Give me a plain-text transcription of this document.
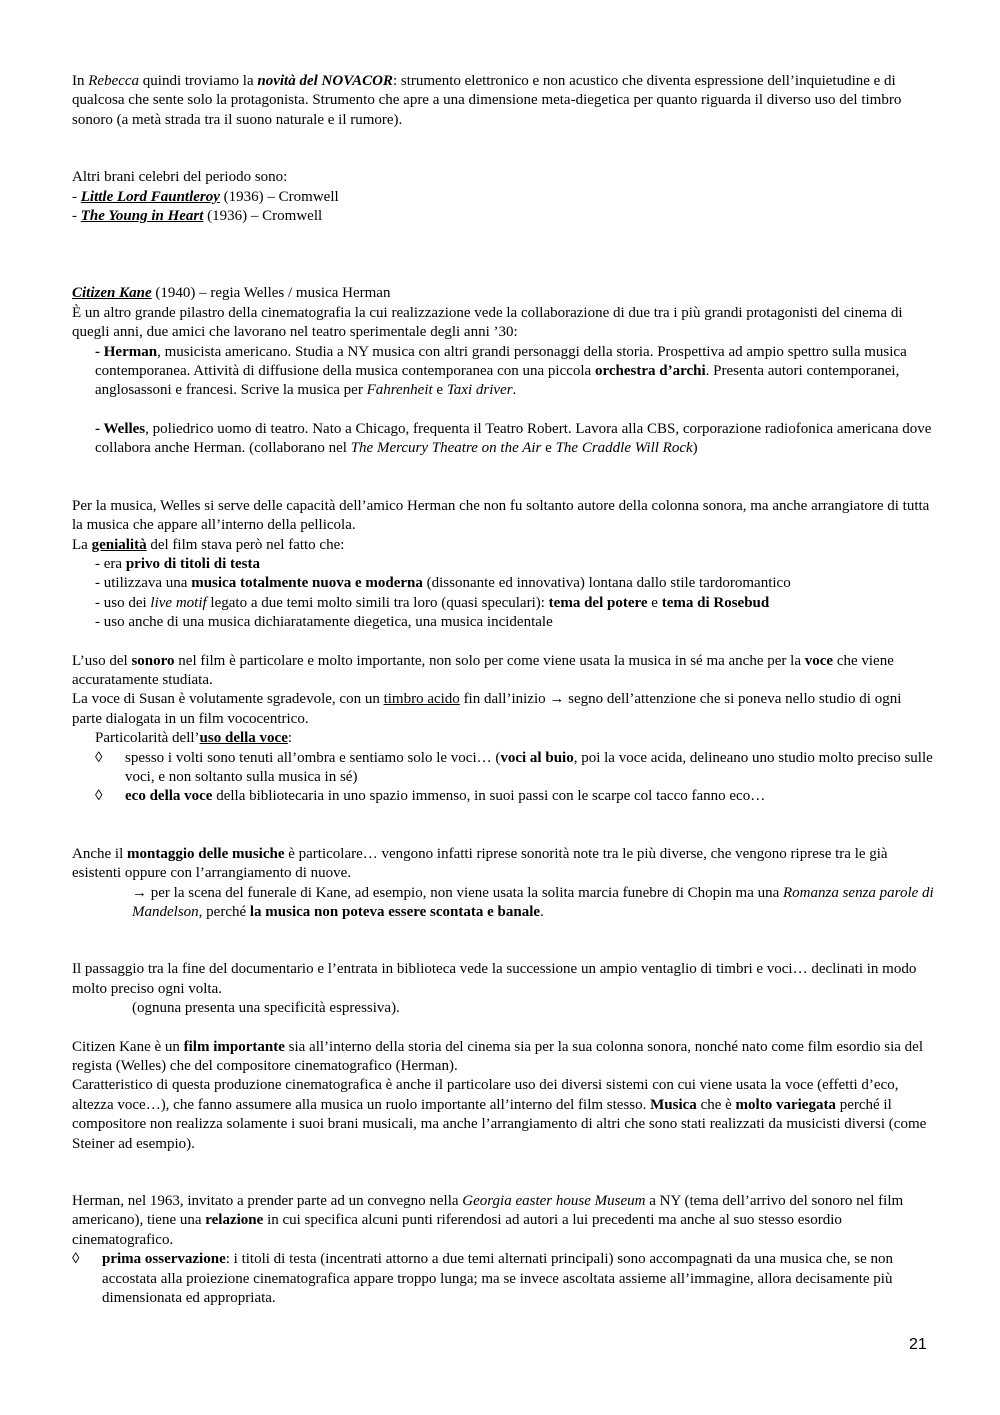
In Rebecca quindi troviamo la novità del NOVACOR: strumento elettronico e non acustico che diventa espressione dell’inquietudine e di qualcosa che sente solo la protagonista. Strumento che apre a una dimensione meta-diegetica per quanto riguarda il diverso uso del timbro sonoro (a metà strada tra il suono naturale e il rumore).

Altri brani celebri del periodo sono:

- Little Lord Fauntleroy (1936) – Cromwell

- The Young in Heart (1936) – Cromwell

Citizen Kane (1940) – regia Welles / musica Herman

È un altro grande pilastro della cinematografia la cui realizzazione vede la collaborazione di due tra i più grandi protagonisti del cinema di quegli anni, due amici che lavorano nel teatro sperimentale degli anni ’30:

- Herman, musicista americano. Studia a NY musica con altri grandi personaggi della storia. Prospettiva ad ampio spettro sulla musica contemporanea. Attività di diffusione della musica contemporanea con una piccola orchestra d’archi. Presenta autori contemporanei, anglosassoni e francesi. Scrive la musica per Fahrenheit e Taxi driver.

- Welles, poliedrico uomo di teatro. Nato a Chicago, frequenta il Teatro Robert. Lavora alla CBS, corporazione radiofonica americana dove collabora anche Herman. (collaborano nel The Mercury Theatre on the Air e The Craddle Will Rock)

Per la musica, Welles si serve delle capacità dell’amico Herman che non fu soltanto autore della colonna sonora, ma anche arrangiatore di tutta la musica che appare all’interno della pellicola.

La genialità del film stava però nel fatto che:

- era privo di titoli di testa

- utilizzava una musica totalmente nuova e moderna (dissonante ed innovativa) lontana dallo stile tardoromantico

- uso dei live motif legato a due temi molto simili tra loro (quasi speculari): tema del potere e tema di Rosebud

- uso anche di una musica dichiaratamente diegetica, una musica incidentale

L’uso del sonoro nel film è particolare e molto importante, non solo per come viene usata la musica in sé ma anche per la voce che viene accuratamente studiata.

La voce di Susan è volutamente sgradevole, con un timbro acido fin dall’inizio → segno dell’attenzione che si poneva nello studio di ogni parte dialogata in un film vococentrico.

Particolarità dell’uso della voce:

◊	spesso i volti sono tenuti all’ombra e sentiamo solo le voci… (voci al buio, poi la voce acida, delineano uno studio molto preciso sulle voci, e non soltanto sulla musica in sé)
◊	eco della voce della bibliotecaria in uno spazio immenso, in suoi passi con le scarpe col tacco fanno eco…

Anche il montaggio delle musiche è particolare… vengono infatti riprese sonorità note tra le più diverse, che vengono riprese tra le già esistenti oppure con l’arrangiamento di nuove.

→ per la scena del funerale di Kane, ad esempio, non viene usata la solita marcia funebre di Chopin ma una Romanza senza parole di Mandelson, perché la musica non poteva essere scontata e banale.

Il passaggio tra la fine del documentario e l’entrata in biblioteca vede la successione un ampio ventaglio di timbri e voci… declinati in modo molto preciso ogni volta.

(ognuna presenta una specificità espressiva).

Citizen Kane è un film importante sia all’interno della storia del cinema sia per la sua colonna sonora, nonché nato come film esordio sia del regista (Welles) che del compositore cinematografico (Herman).

Caratteristico di questa produzione cinematografica è anche il particolare uso dei diversi sistemi con cui viene usata la voce (effetti d’eco, altezza voce…), che fanno assumere alla musica un ruolo importante all’interno del film stesso. Musica che è molto variegata perché il compositore non realizza solamente i suoi brani musicali, ma anche l’arrangiamento di altri che sono stati realizzati da musicisti diversi (come Steiner ad esempio).

Herman, nel 1963, invitato a prender parte ad un convegno nella Georgia easter house Museum a NY (tema dell’arrivo del sonoro nel film americano), tiene una relazione in cui specifica alcuni punti riferendosi ad autori a lui precedenti ma anche al suo stesso esordio cinematografico.

◊	prima osservazione: i titoli di testa (incentrati attorno a due temi alternati principali) sono accompagnati da una musica che, se non accostata alla proiezione cinematografica appare troppo lunga; ma se invece ascoltata assieme all’immagine, allora decisamente più dimensionata ed appropriata.
21
